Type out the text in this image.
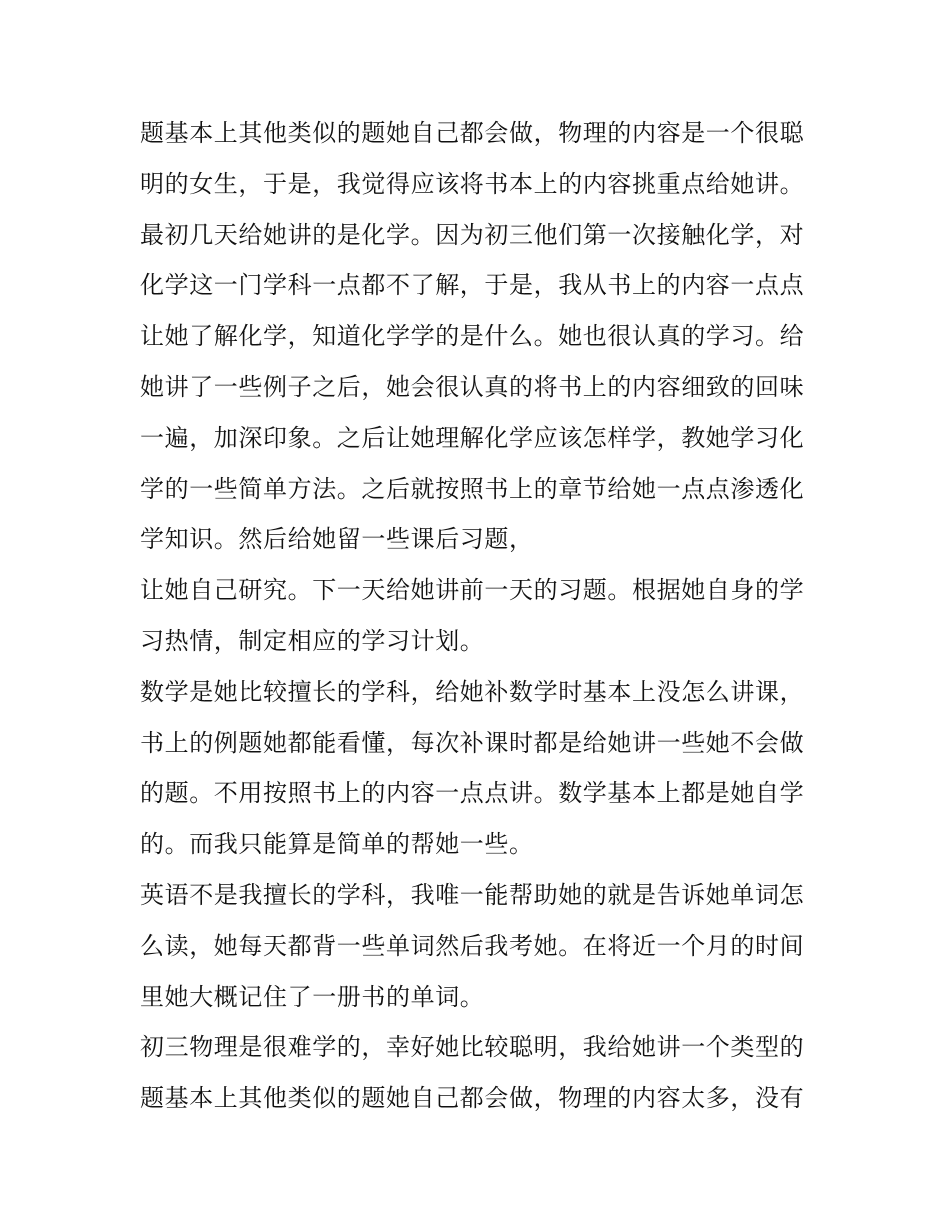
题基本上其他类似的题她自己都会做，物理的内容是一个很聪
明的女生，于是，我觉得应该将书本上的内容挑重点给她讲。
最初几天给她讲的是化学。因为初三他们第一次接触化学，对
化学这一门学科一点都不了解，于是，我从书上的内容一点点
让她了解化学，知道化学学的是什么。她也很认真的学习。给
她讲了一些例子之后，她会很认真的将书上的内容细致的回味
一遍，加深印象。之后让她理解化学应该怎样学，教她学习化
学的一些简单方法。之后就按照书上的章节给她一点点渗透化
学知识。然后给她留一些课后习题，
让她自己研究。下一天给她讲前一天的习题。根据她自身的学
习热情，制定相应的学习计划。
数学是她比较擅长的学科，给她补数学时基本上没怎么讲课，
书上的例题她都能看懂，每次补课时都是给她讲一些她不会做
的题。不用按照书上的内容一点点讲。数学基本上都是她自学
的。而我只能算是简单的帮她一些。
英语不是我擅长的学科，我唯一能帮助她的就是告诉她单词怎
么读，她每天都背一些单词然后我考她。在将近一个月的时间
里她大概记住了一册书的单词。
初三物理是很难学的，幸好她比较聪明，我给她讲一个类型的
题基本上其他类似的题她自己都会做，物理的内容太多，没有
